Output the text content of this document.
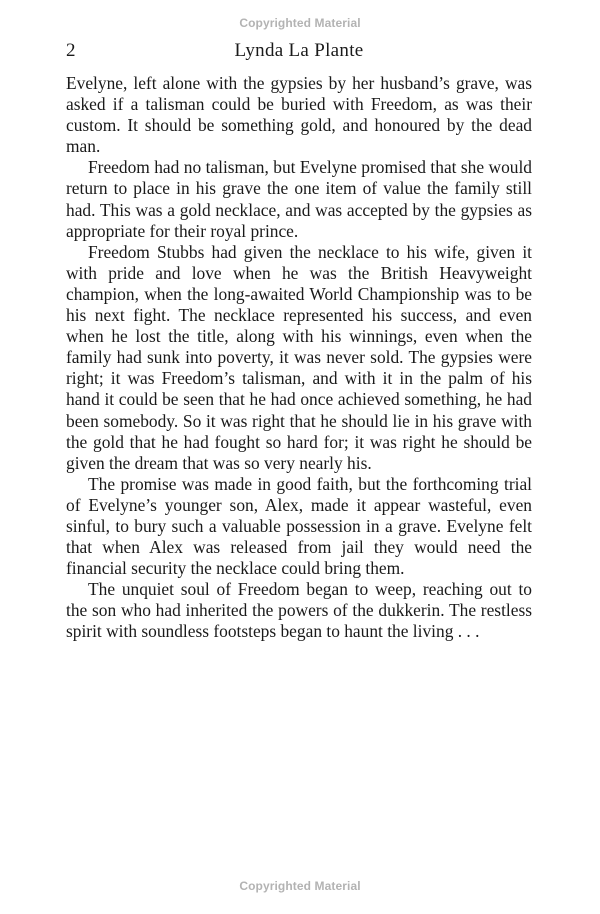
Copyrighted Material
2	Lynda La Plante

Evelyne, left alone with the gypsies by her husband’s grave, was asked if a talisman could be buried with Freedom, as was their custom. It should be something gold, and honoured by the dead man.

Freedom had no talisman, but Evelyne promised that she would return to place in his grave the one item of value the family still had. This was a gold necklace, and was accepted by the gypsies as appropriate for their royal prince.

Freedom Stubbs had given the necklace to his wife, given it with pride and love when he was the British Heavyweight champion, when the long-awaited World Championship was to be his next fight. The necklace represented his success, and even when he lost the title, along with his winnings, even when the family had sunk into poverty, it was never sold. The gypsies were right; it was Freedom’s talisman, and with it in the palm of his hand it could be seen that he had once achieved something, he had been somebody. So it was right that he should lie in his grave with the gold that he had fought so hard for; it was right he should be given the dream that was so very nearly his.

The promise was made in good faith, but the forthcoming trial of Evelyne’s younger son, Alex, made it appear wasteful, even sinful, to bury such a valuable possession in a grave. Evelyne felt that when Alex was released from jail they would need the financial security the necklace could bring them.

The unquiet soul of Freedom began to weep, reaching out to the son who had inherited the powers of the dukkerin. The restless spirit with soundless footsteps began to haunt the living . . .

Copyrighted Material
